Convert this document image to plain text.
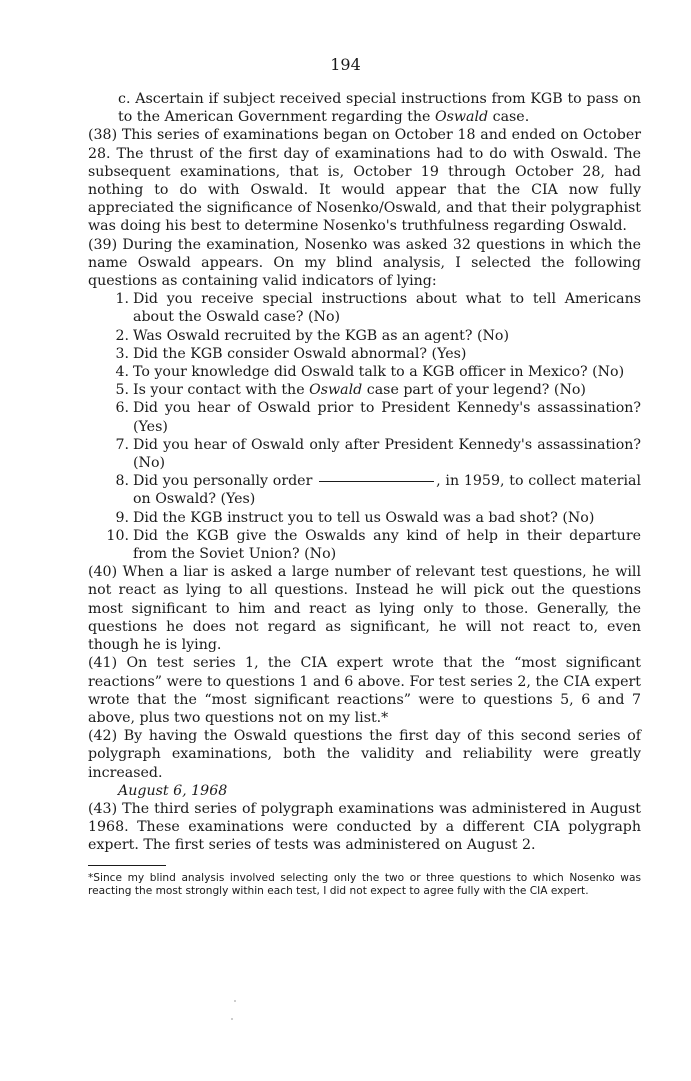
194

c. Ascertain if subject received special instructions from KGB to pass on to the American Government regarding the Oswald case.

(38) This series of examinations began on October 18 and ended on October 28. The thrust of the first day of examinations had to do with Oswald. The subsequent examinations, that is, October 19 through October 28, had nothing to do with Oswald. It would appear that the CIA now fully appreciated the significance of Nosenko/Oswald, and that their polygraphist was doing his best to determine Nosenko's truthfulness regarding Oswald.

(39) During the examination, Nosenko was asked 32 questions in which the name Oswald appears. On my blind analysis, I selected the following questions as containing valid indicators of lying:

1. Did you receive special instructions about what to tell Americans about the Oswald case? (No)
2. Was Oswald recruited by the KGB as an agent? (No)
3. Did the KGB consider Oswald abnormal? (Yes)
4. To your knowledge did Oswald talk to a KGB officer in Mexico? (No)
5. Is your contact with the Oswald case part of your legend? (No)
6. Did you hear of Oswald prior to President Kennedy's assassination? (Yes)
7. Did you hear of Oswald only after President Kennedy's assassination? (No)
8. Did you personally order	, in 1959, to collect material on Oswald? (Yes)
9. Did the KGB instruct you to tell us Oswald was a bad shot? (No)
10. Did the KGB give the Oswalds any kind of help in their departure from the Soviet Union? (No)

(40) When a liar is asked a large number of relevant test questions, he will not react as lying to all questions. Instead he will pick out the questions most significant to him and react as lying only to those. Generally, the questions he does not regard as significant, he will not react to, even though he is lying.

(41) On test series 1, the CIA expert wrote that the “most significant reactions” were to questions 1 and 6 above. For test series 2, the CIA expert wrote that the “most significant reactions” were to questions 5, 6 and 7 above, plus two questions not on my list.*

(42) By having the Oswald questions the first day of this second series of polygraph examinations, both the validity and reliability were greatly increased.

August 6, 1968

(43) The third series of polygraph examinations was administered in August 1968. These examinations were conducted by a different CIA polygraph expert. The first series of tests was administered on August 2.

*Since my blind analysis involved selecting only the two or three questions to which Nosenko was reacting the most strongly within each test, I did not expect to agree fully with the CIA expert.
